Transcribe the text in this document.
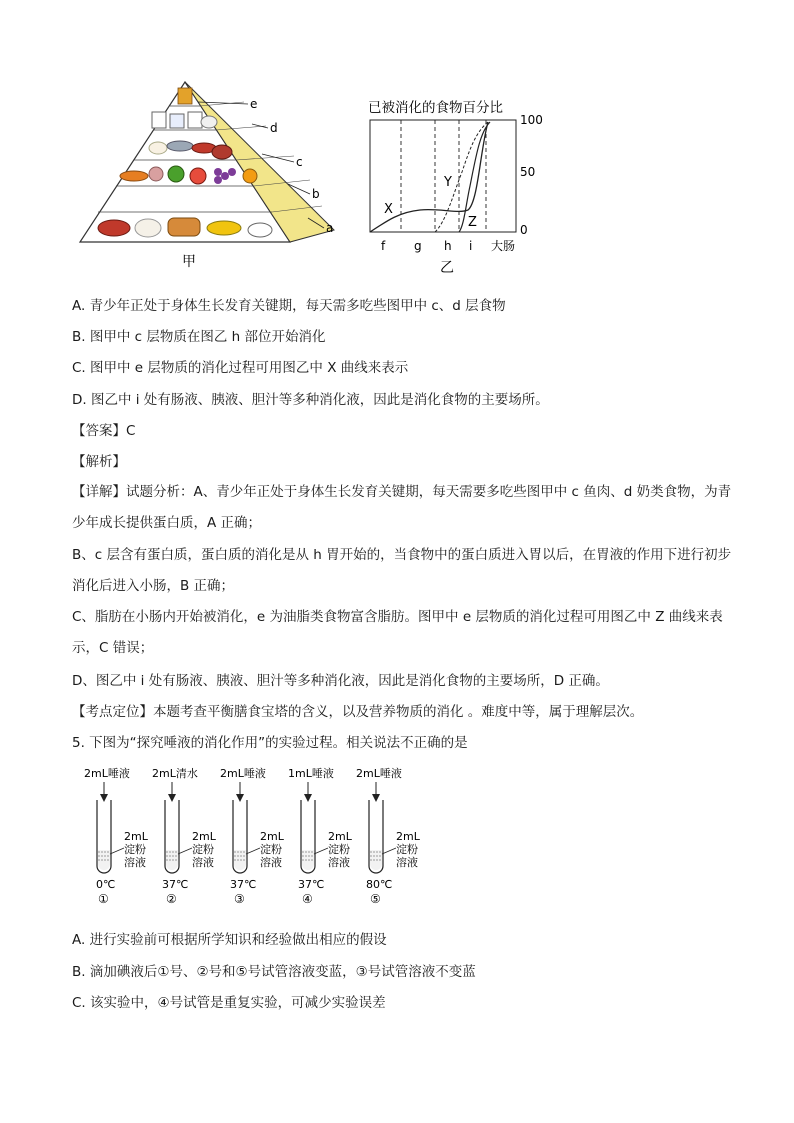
e
d
c
b
a
甲
已被消化的食物百分比
X
Y
Z
100
50
0
f g h i 大肠
乙
A. 青少年正处于身体生长发育关键期，每天需多吃些图甲中 c、d 层食物
B. 图甲中 c 层物质在图乙 h 部位开始消化
C. 图甲中 e 层物质的消化过程可用图乙中 X 曲线来表示
D. 图乙中 i 处有肠液、胰液、胆汁等多种消化液，因此是消化食物的主要场所。
【答案】C
【解析】
【详解】试题分析：A、青少年正处于身体生长发育关键期，每天需要多吃些图甲中 c 鱼肉、d 奶类食物，为青少年成长提供蛋白质，A 正确；
B、c 层含有蛋白质，蛋白质的消化是从 h 胃开始的，当食物中的蛋白质进入胃以后，在胃液的作用下进行初步消化后进入小肠，B 正确；
C、脂肪在小肠内开始被消化，e 为油脂类食物富含脂肪。图甲中 e 层物质的消化过程可用图乙中 Z 曲线来表示，C 错误；
D、图乙中 i 处有肠液、胰液、胆汁等多种消化液，因此是消化食物的主要场所，D 正确。
【考点定位】本题考查平衡膳食宝塔的含义，以及营养物质的消化 。难度中等，属于理解层次。
5. 下图为“探究唾液的消化作用”的实验过程。相关说法不正确的是
2mL唾液
2mL
淀粉
溶液
0℃
①
2mL清水
2mL
淀粉
溶液
37℃
②
2mL唾液
2mL
淀粉
溶液
37℃
③
1mL唾液
2mL
淀粉
溶液
37℃
④
2mL唾液
2mL
淀粉
溶液
80℃
⑤
A. 进行实验前可根据所学知识和经验做出相应的假设
B. 滴加碘液后①号、②号和⑤号试管溶液变蓝，③号试管溶液不变蓝
C. 该实验中，④号试管是重复实验，可减少实验误差
